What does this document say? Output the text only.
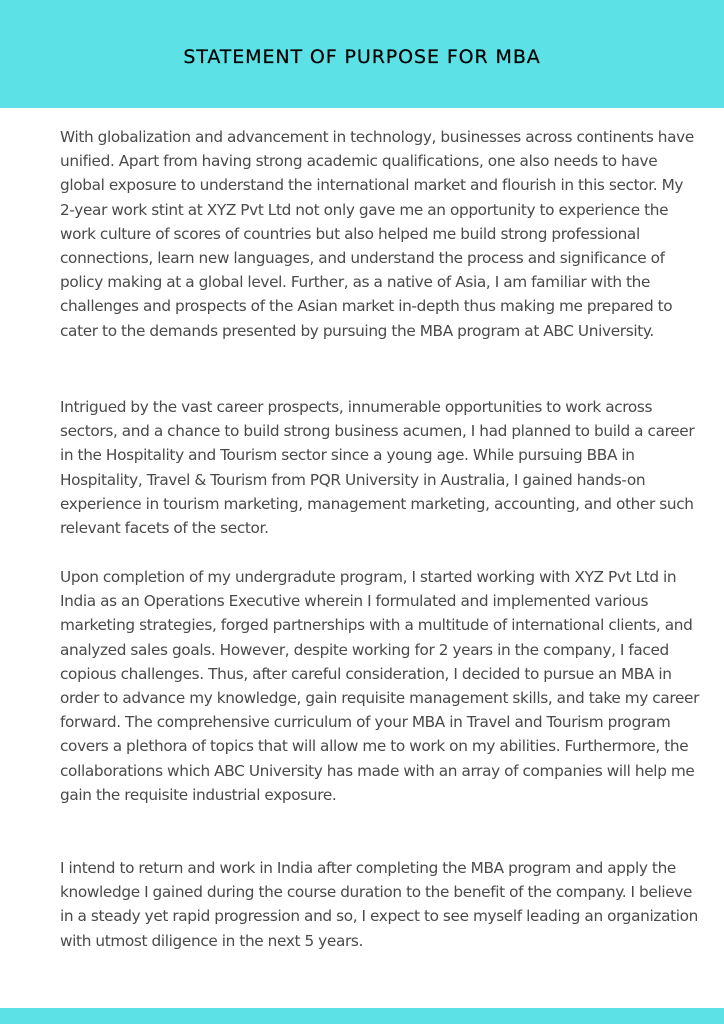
STATEMENT OF PURPOSE FOR MBA

With globalization and advancement in technology, businesses across continents have unified. Apart from having strong academic qualifications, one also needs to have global exposure to understand the international market and flourish in this sector. My 2-year work stint at XYZ Pvt Ltd not only gave me an opportunity to experience the work culture of scores of countries but also helped me build strong professional connections, learn new languages, and understand the process and significance of policy making at a global level. Further, as a native of Asia, I am familiar with the challenges and prospects of the Asian market in-depth thus making me prepared to cater to the demands presented by pursuing the MBA program at ABC University.

Intrigued by the vast career prospects, innumerable opportunities to work across sectors, and a chance to build strong business acumen, I had planned to build a career in the Hospitality and Tourism sector since a young age. While pursuing BBA in Hospitality, Travel & Tourism from PQR University in Australia, I gained hands-on experience in tourism marketing, management marketing, accounting, and other such relevant facets of the sector.

Upon completion of my undergradute program, I started working with XYZ Pvt Ltd in India as an Operations Executive wherein I formulated and implemented various marketing strategies, forged partnerships with a multitude of international clients, and analyzed sales goals. However, despite working for 2 years in the company, I faced copious challenges. Thus, after careful consideration, I decided to pursue an MBA in order to advance my knowledge, gain requisite management skills, and take my career forward. The comprehensive curriculum of your MBA in Travel and Tourism program covers a plethora of topics that will allow me to work on my abilities. Furthermore, the collaborations which ABC University has made with an array of companies will help me gain the requisite industrial exposure.

I intend to return and work in India after completing the MBA program and apply the knowledge I gained during the course duration to the benefit of the company. I believe in a steady yet rapid progression and so, I expect to see myself leading an organization with utmost diligence in the next 5 years.
